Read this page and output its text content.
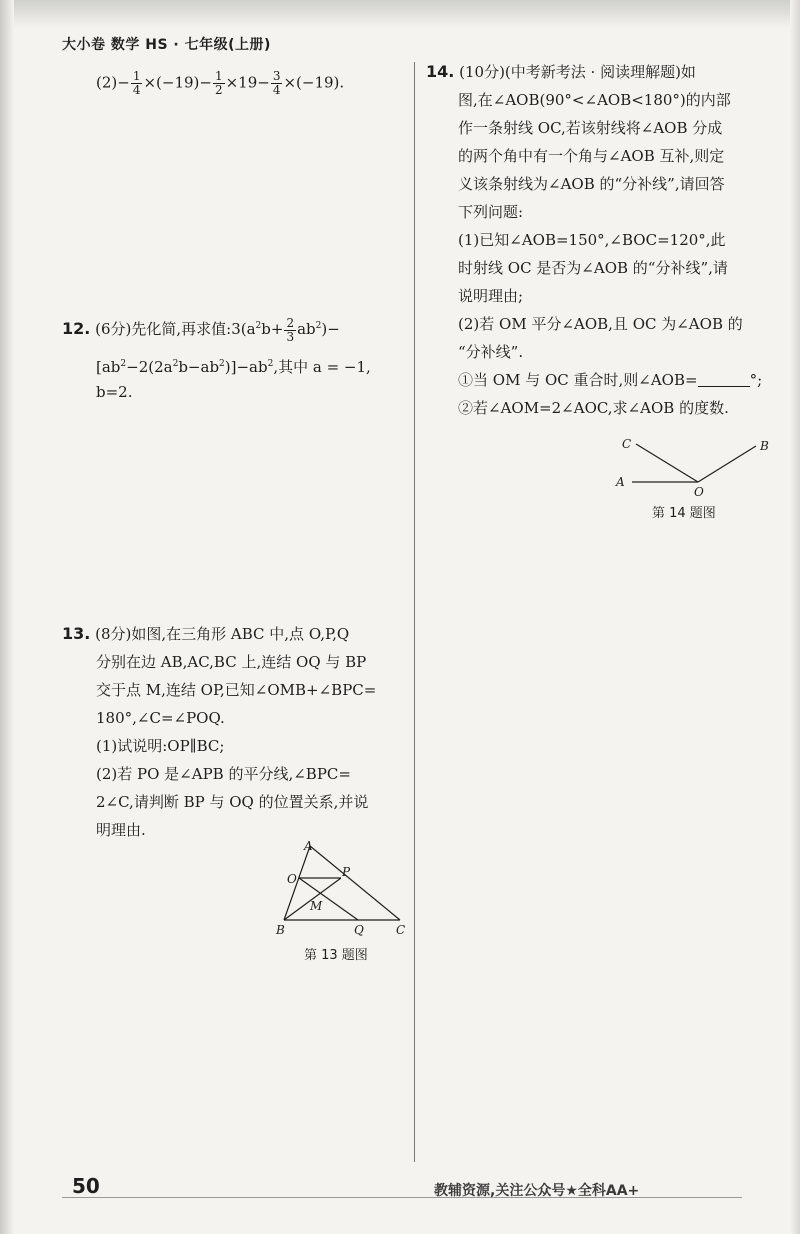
大小卷 数学 HS · 七年级(上册)
$(2)- \frac{1}{4} \times(-19)- \frac{1}{2} \times 19- \frac{3}{4} \times(-19)$.
12. (6分)先化简,再求值$:3(a^2b+ \frac{2}{3} ab^2)-$
$[ab^2-2(2a^2b-ab^2)]-ab^2$,其中 a = −1,
b=2.
13. (8分)如图,在三角形 ABC 中,点 O,P,Q
分别在边 AB,AC,BC 上,连结 OQ 与 BP
交于点 M,连结 OP,已知∠OMB+∠BPC=
180°,∠C=∠POQ.
(1)试说明:OP∥BC;
(2)若 PO 是∠APB 的平分线,∠BPC=
2∠C,请判断 BP 与 OQ 的位置关系,并说
明理由.
A
O	P
M
B	Q	C
第 13 题图
14. (10分)(中考新考法 · 阅读理解题)如
图,在∠AOB(90°<∠AOB<180°)的内部
作一条射线 OC,若该射线将∠AOB 分成
的两个角中有一个角与∠AOB 互补,则定
义该条射线为∠AOB 的“分补线”,请回答
下列问题:
(1)已知∠AOB=150°,∠BOC=120°,此
时射线 OC 是否为∠AOB 的“分补线”,请
说明理由;
(2)若 OM 平分∠AOB,且 OC 为∠AOB 的
“分补线”.
①当 OM 与 OC 重合时,则∠AOB=	°;
②若∠AOM=2∠AOC,求∠AOB 的度数.
C	B
A
O
第 14 题图
50	教辅资源,关注公众号★全科AA+
